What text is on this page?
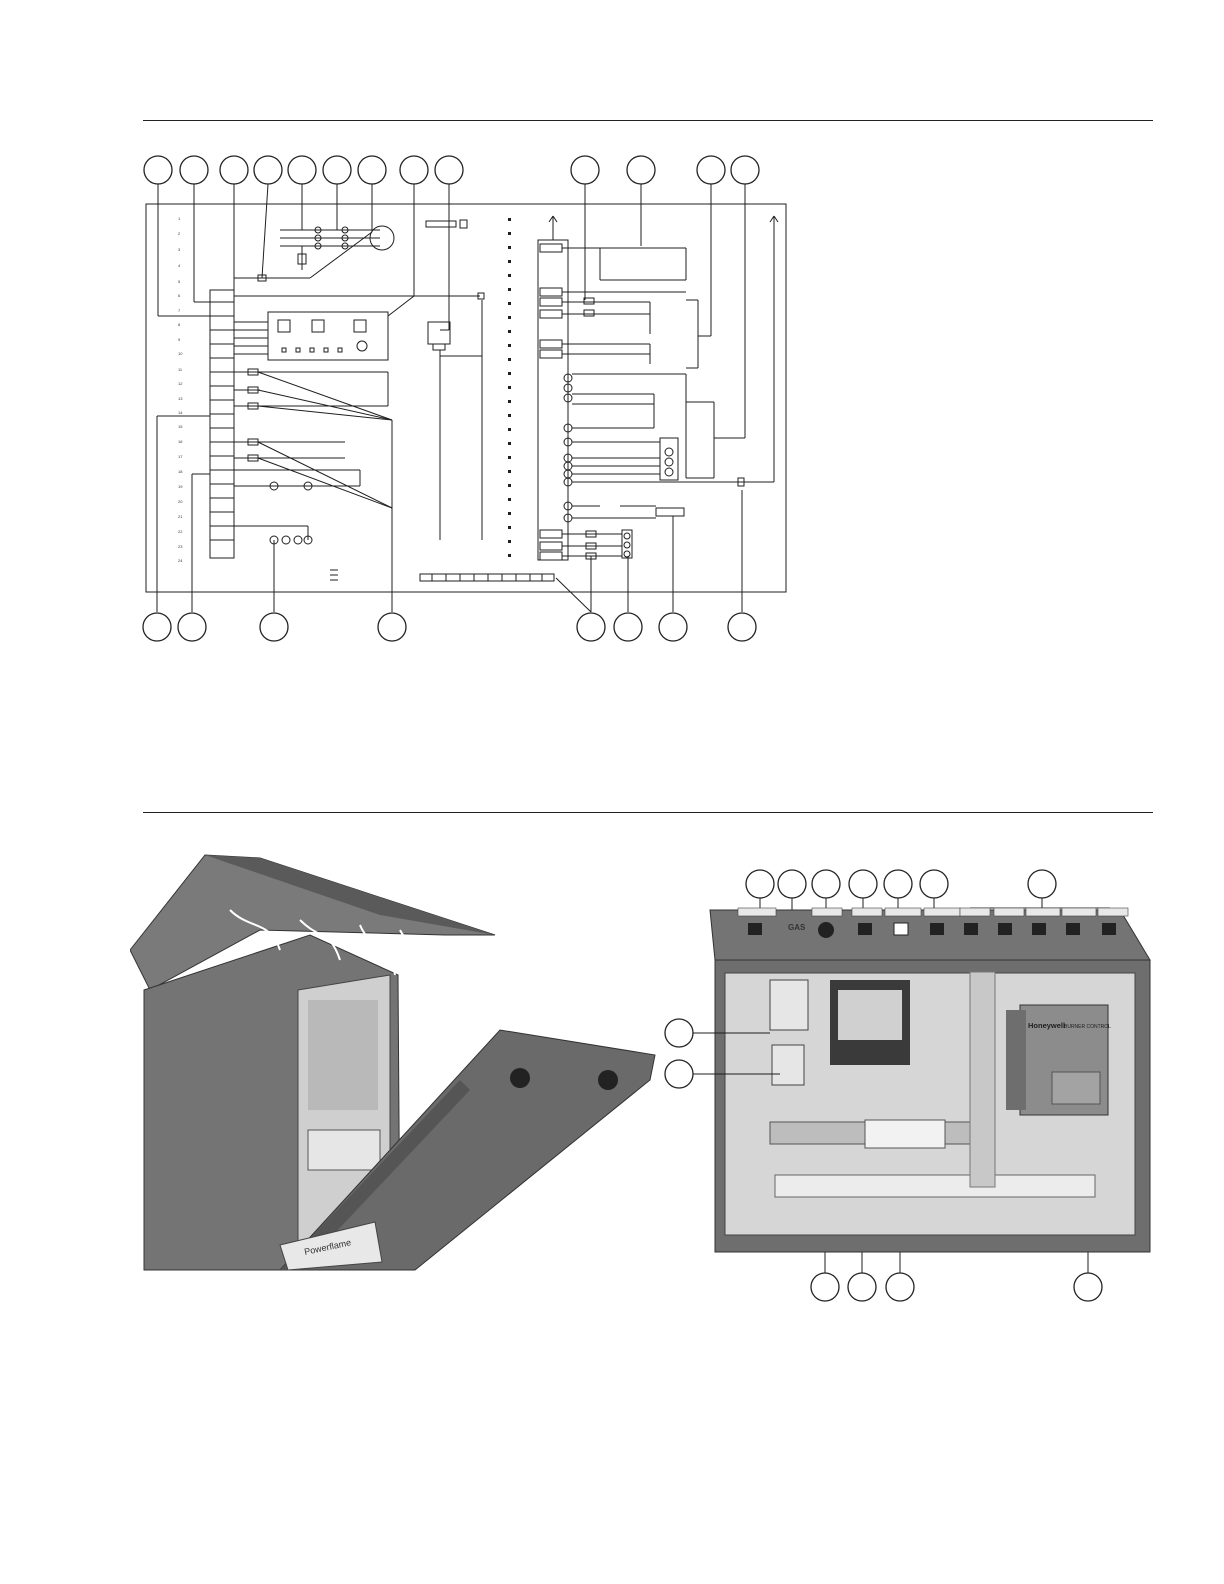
1
2
3
4
5
6
7
8
9
10
11
12
13
14
15
16
17
18
19
20
21
22
23
24
Powerflame
GAS
Honeywell
BURNER CONTROL
